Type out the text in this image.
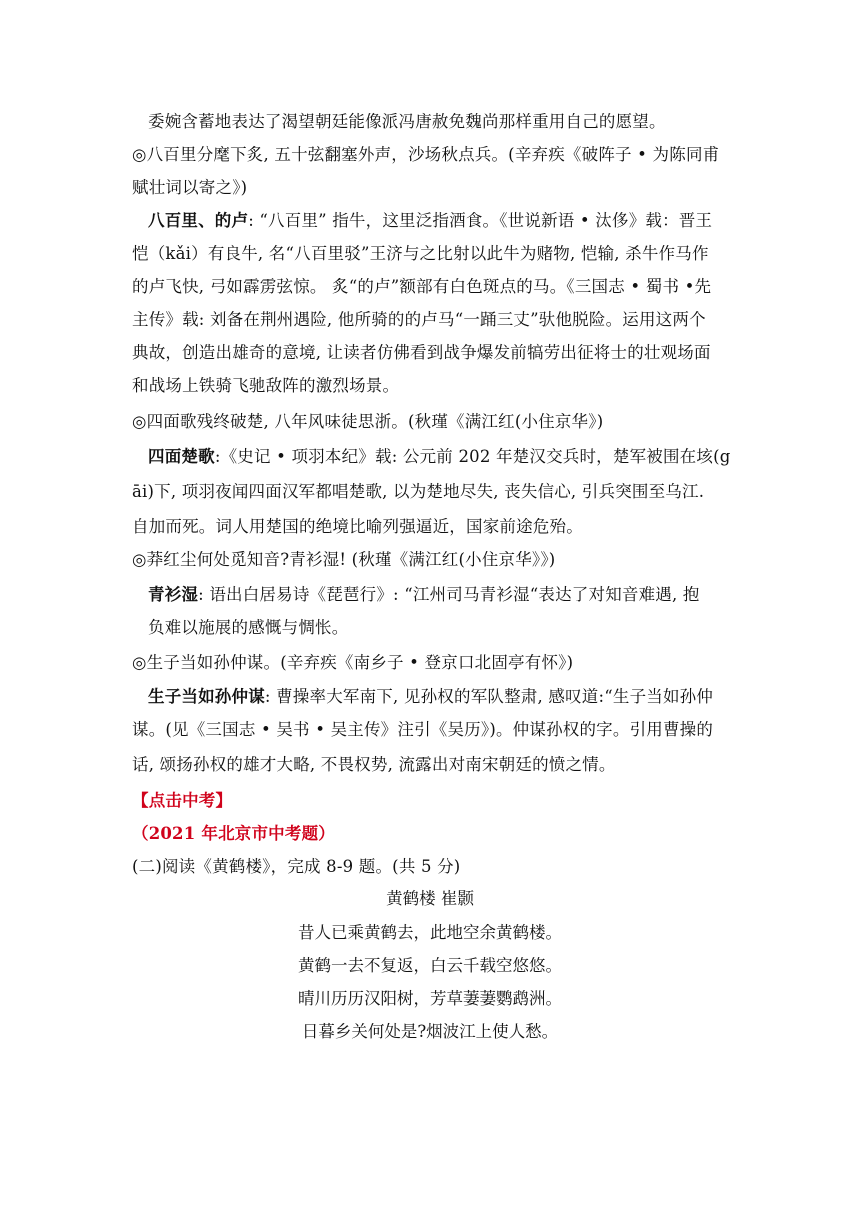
委婉含蓄地表达了渴望朝廷能像派冯唐赦免魏尚那样重用自己的愿望。
◎八百里分麾下炙, 五十弦翻塞外声，沙场秋点兵。(辛弃疾《破阵子 • 为陈同甫
赋壮词以寄之》)
八百里、的卢: “八百里” 指牛，这里泛指酒食。《世说新语 • 汰侈》载：晋王
恺（kǎi）有良牛, 名“八百里驳”王济与之比射以此牛为赌物, 恺输, 杀牛作马作
的卢飞快, 弓如霹雳弦惊。 炙“的卢”额部有白色斑点的马。《三国志 • 蜀书 •先
主传》载: 刘备在荆州遇险, 他所骑的的卢马“一踊三丈”驮他脱险。运用这两个
典故，创造出雄奇的意境, 让读者仿佛看到战争爆发前犒劳出征将士的壮观场面
和战场上铁骑飞驰敌阵的激烈场景。
◎四面歌残终破楚, 八年风味徒思浙。(秋瑾《满江红(小住京华》)
四面楚歌:《史记 • 项羽本纪》载: 公元前 202 年楚汉交兵时，楚军被围在垓(g
āi)下, 项羽夜闻四面汉军都唱楚歌, 以为楚地尽失, 丧失信心, 引兵突围至乌江.
自加而死。词人用楚国的绝境比喻列强逼近，国家前途危殆。
◎莽红尘何处觅知音?青衫湿! (秋瑾《满江红(小住京华》》)
青衫湿: 语出白居易诗《琵琶行》: “江州司马青衫湿“表达了对知音难遇, 抱
负难以施展的感慨与惆怅。
◎生子当如孙仲谋。(辛弃疾《南乡子 • 登京口北固亭有怀》)
生子当如孙仲谋: 曹操率大军南下, 见孙权的军队整肃, 感叹道:“生子当如孙仲
谋。(见《三国志 • 吴书 • 吴主传》注引《吴历》)。仲谋孙权的字。引用曹操的
话, 颂扬孙权的雄才大略, 不畏权势, 流露出对南宋朝廷的愤之情。
【点击中考】
（2021 年北京市中考题）
(二)阅读《黄鹤楼》，完成 8-9 题。(共 5 分)
黄鹤楼 崔颢
昔人已乘黄鹤去，此地空余黄鹤楼。
黄鹤一去不复返，白云千载空悠悠。
晴川历历汉阳树，芳草萋萋鹦鹉洲。
日暮乡关何处是?烟波江上使人愁。
